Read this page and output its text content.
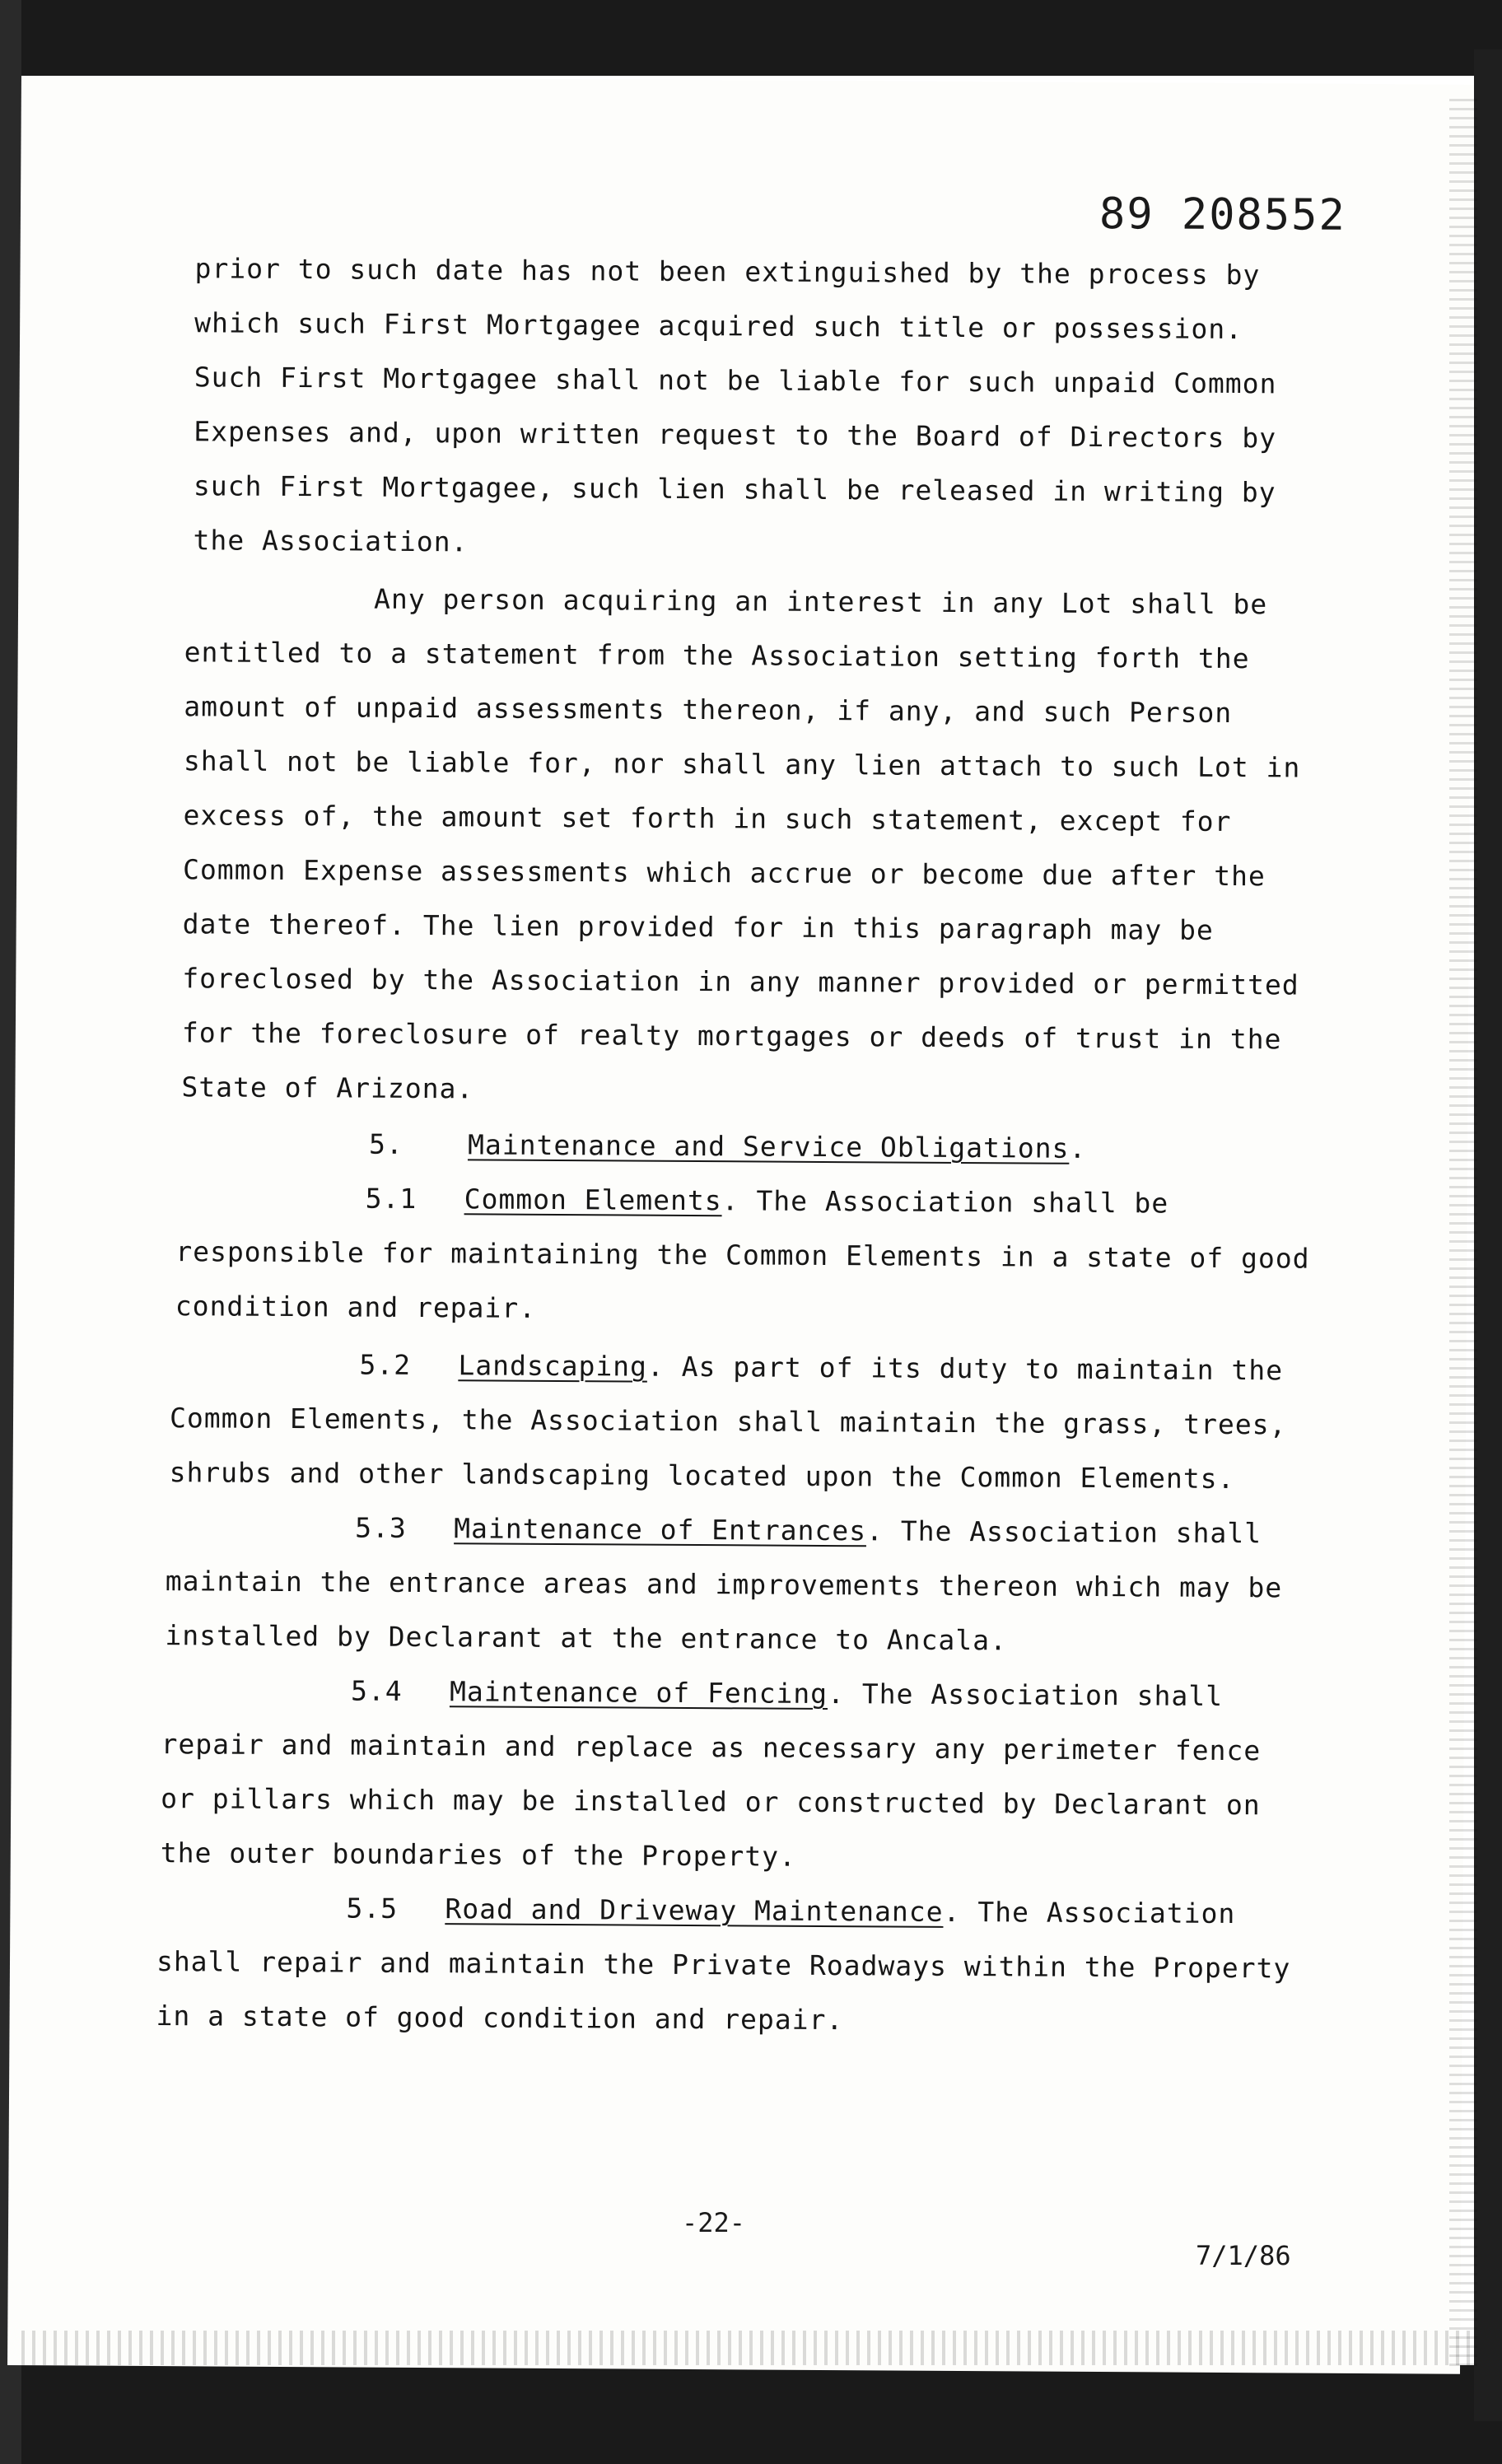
89 208552
prior to such date has not been extinguished by the process by
which such First Mortgagee acquired such title or possession.
Such First Mortgagee shall not be liable for such unpaid Common
Expenses and, upon written request to the Board of Directors by
such First Mortgagee, such lien shall be released in writing by
the Association.
Any person acquiring an interest in any Lot shall be
entitled to a statement from the Association setting forth the
amount of unpaid assessments thereon, if any, and such Person
shall not be liable for, nor shall any lien attach to such Lot in
excess of, the amount set forth in such statement, except for
Common Expense assessments which accrue or become due after the
date thereof. The lien provided for in this paragraph may be
foreclosed by the Association in any manner provided or permitted
for the foreclosure of realty mortgages or deeds of trust in the
State of Arizona.
5. Maintenance and Service Obligations.
5.1 Common Elements. The Association shall be
responsible for maintaining the Common Elements in a state of good
condition and repair.
5.2 Landscaping. As part of its duty to maintain the
Common Elements, the Association shall maintain the grass, trees,
shrubs and other landscaping located upon the Common Elements.
5.3 Maintenance of Entrances. The Association shall
maintain the entrance areas and improvements thereon which may be
installed by Declarant at the entrance to Ancala.
5.4 Maintenance of Fencing. The Association shall
repair and maintain and replace as necessary any perimeter fence
or pillars which may be installed or constructed by Declarant on
the outer boundaries of the Property.
5.5 Road and Driveway Maintenance. The Association
shall repair and maintain the Private Roadways within the Property
in a state of good condition and repair.
-22-
7/1/86
